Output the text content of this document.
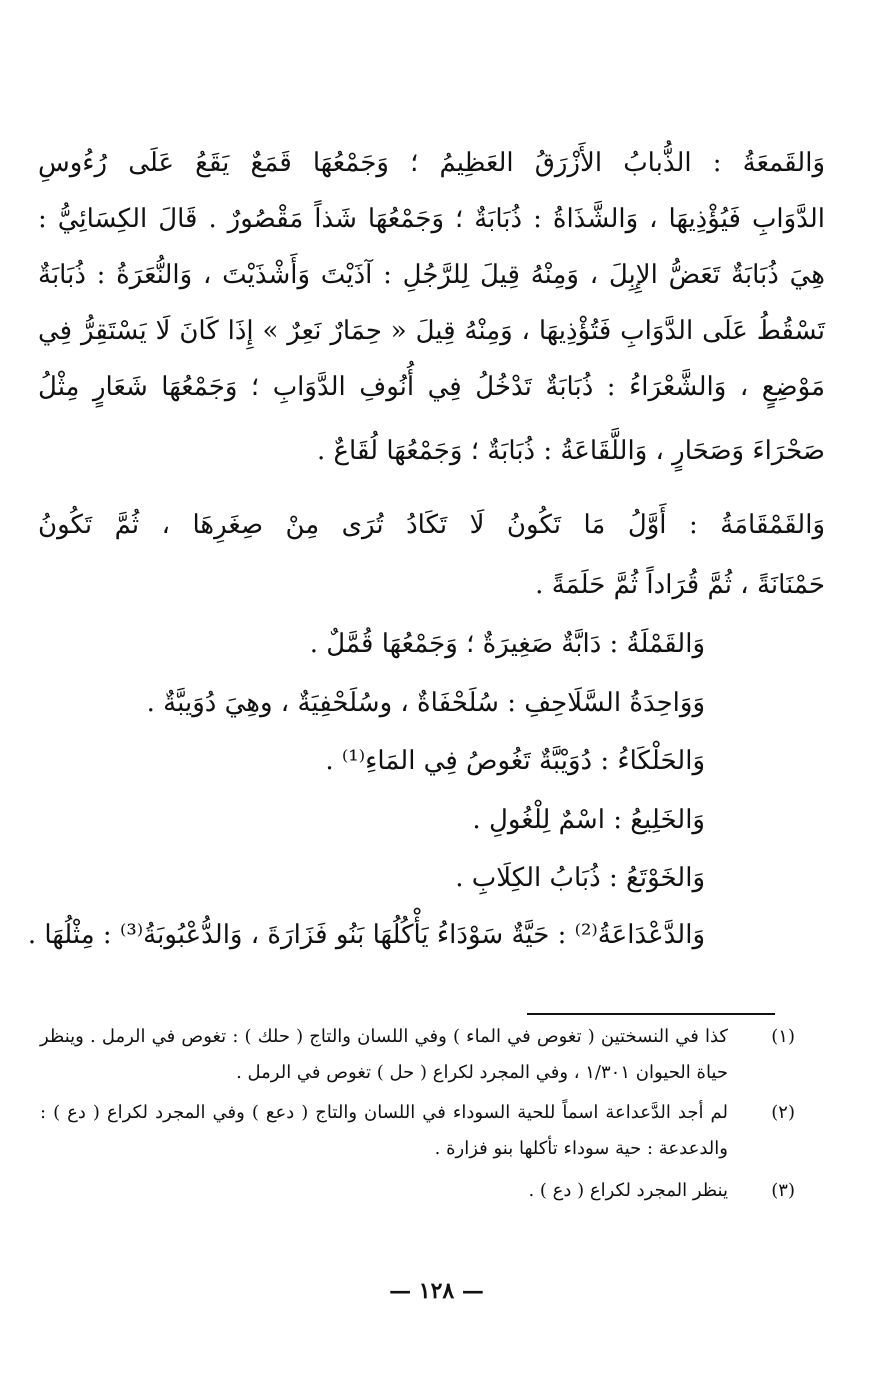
وَالقَمعَةُ : الذُّبابُ الأَزْرَقُ العَظِيمُ ؛ وَجَمْعُهَا قَمَعٌ يَقَعُ عَلَى رُءُوسِ
الدَّوَابِ فَيُؤْذِيهَا ، وَالشَّذَاةُ : ذُبَابَةٌ ؛ وَجَمْعُهَا شَذاً مَقْصُورٌ . قَالَ الكِسَائِيُّ :
هِيَ ذُبَابَةٌ تَعَضُّ الإِبِلَ ، وَمِنْهُ قِيلَ لِلرَّجُلِ : آذَيْتَ وَأَشْذَيْتَ ، وَالنُّعَرَةُ : ذُبَابَةٌ
تَسْقُطُ عَلَى الدَّوَابِ فَتُؤْذِيهَا ، وَمِنْهُ قِيلَ « حِمَارٌ نَعِرٌ » إِذَا كَانَ لَا يَسْتَقِرُّ فِي
مَوْضِعٍ ، وَالشَّعْرَاءُ : ذُبَابَةٌ تَدْخُلُ فِي أُنُوفِ الدَّوَابِ ؛ وَجَمْعُهَا شَعَارٍ مِثْلُ
صَحْرَاءَ وَصَحَارٍ ، وَاللَّقَاعَةُ : ذُبَابَةٌ ؛ وَجَمْعُهَا لُقَاعٌ .
وَالقَمْقَامَةُ : أَوَّلُ مَا تَكُونُ لَا تَكَادُ تُرَى مِنْ صِغَرِهَا ، ثُمَّ تَكُونُ
حَمْنَانَةً ، ثُمَّ قُرَاداً ثُمَّ حَلَمَةً .
وَالقَمْلَةُ : دَابَّةٌ صَغِيرَةٌ ؛ وَجَمْعُهَا قُمَّلٌ .
وَوَاحِدَةُ السَّلَاحِفِ : سُلَحْفَاةٌ ، وسُلَحْفِيَةٌ ، وهِيَ دُوَيبَّةٌ .
وَالحَلْكَاءُ : دُوَيْبَّةٌ تَغُوصُ فِي المَاءِ⁽¹⁾ .
وَالخَلِيعُ : اسْمٌ لِلْغُولِ .
وَالخَوْتَعُ : ذُبَابُ الكِلَابِ .
وَالدَّعْدَاعَةُ⁽²⁾ : حَيَّةٌ سَوْدَاءُ يَأْكُلُهَا بَنُو فَزَارَةَ ، وَالدُّعْبُوبَةُ⁽³⁾ : مِثْلُهَا .
(١)
كذا في النسختين ( تغوص في الماء ) وفي اللسان والتاج ( حلك ) : تغوص في الرمل . وينظر
حياة الحيوان ١/٣٠١ ، وفي المجرد لكراع ( حل ) تغوص في الرمل .
(٢)
لم أجد الدَّعداعة اسماً للحية السوداء في اللسان والتاج ( دعع ) وفي المجرد لكراع ( دع ) :
والدعدعة : حية سوداء تأكلها بنو فزارة .
(٣)
ينظر المجرد لكراع ( دع ) .
— ١٢٨ —
